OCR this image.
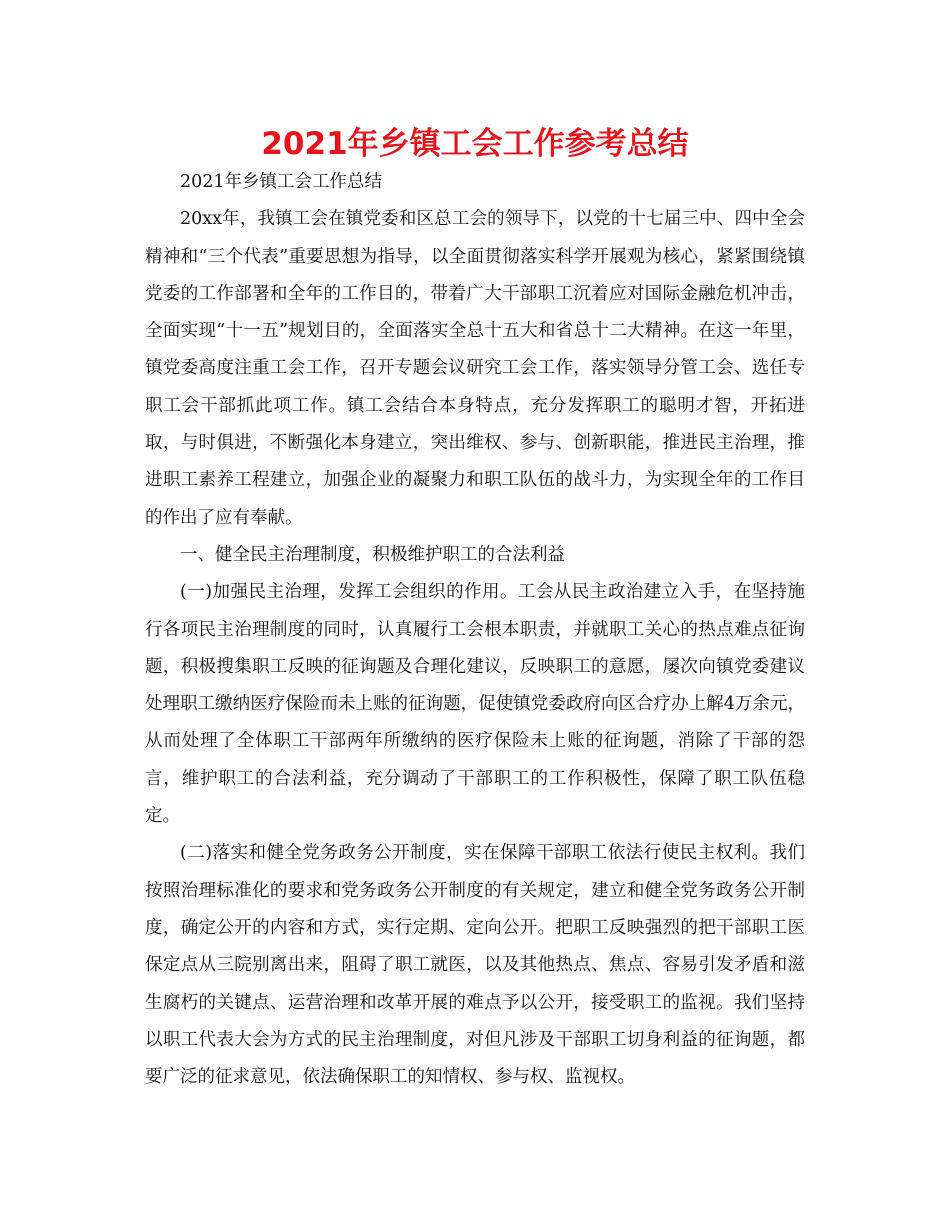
2021年乡镇工会工作参考总结

2021年乡镇工会工作总结

20xx年，我镇工会在镇党委和区总工会的领导下，以党的十七届三中、四中全会精神和“三个代表”重要思想为指导，以全面贯彻落实科学开展观为核心，紧紧围绕镇党委的工作部署和全年的工作目的，带着广大干部职工沉着应对国际金融危机冲击，全面实现“十一五”规划目的，全面落实全总十五大和省总十二大精神。在这一年里，镇党委高度注重工会工作，召开专题会议研究工会工作，落实领导分管工会、选任专职工会干部抓此项工作。镇工会结合本身特点，充分发挥职工的聪明才智，开拓进取，与时俱进，不断强化本身建立，突出维权、参与、创新职能，推进民主治理，推进职工素养工程建立，加强企业的凝聚力和职工队伍的战斗力，为实现全年的工作目的作出了应有奉献。

一、健全民主治理制度，积极维护职工的合法利益

(一)加强民主治理，发挥工会组织的作用。工会从民主政治建立入手，在坚持施行各项民主治理制度的同时，认真履行工会根本职责，并就职工关心的热点难点征询题，积极搜集职工反映的征询题及合理化建议，反映职工的意愿，屡次向镇党委建议处理职工缴纳医疗保险而未上账的征询题，促使镇党委政府向区合疗办上解4万余元，从而处理了全体职工干部两年所缴纳的医疗保险未上账的征询题，消除了干部的怨言，维护职工的合法利益，充分调动了干部职工的工作积极性，保障了职工队伍稳定。

(二)落实和健全党务政务公开制度，实在保障干部职工依法行使民主权利。我们按照治理标准化的要求和党务政务公开制度的有关规定，建立和健全党务政务公开制度，确定公开的内容和方式，实行定期、定向公开。把职工反映强烈的把干部职工医保定点从三院别离出来，阻碍了职工就医，以及其他热点、焦点、容易引发矛盾和滋生腐朽的关键点、运营治理和改革开展的难点予以公开，接受职工的监视。我们坚持以职工代表大会为方式的民主治理制度，对但凡涉及干部职工切身利益的征询题，都要广泛的征求意见，依法确保职工的知情权、参与权、监视权。
